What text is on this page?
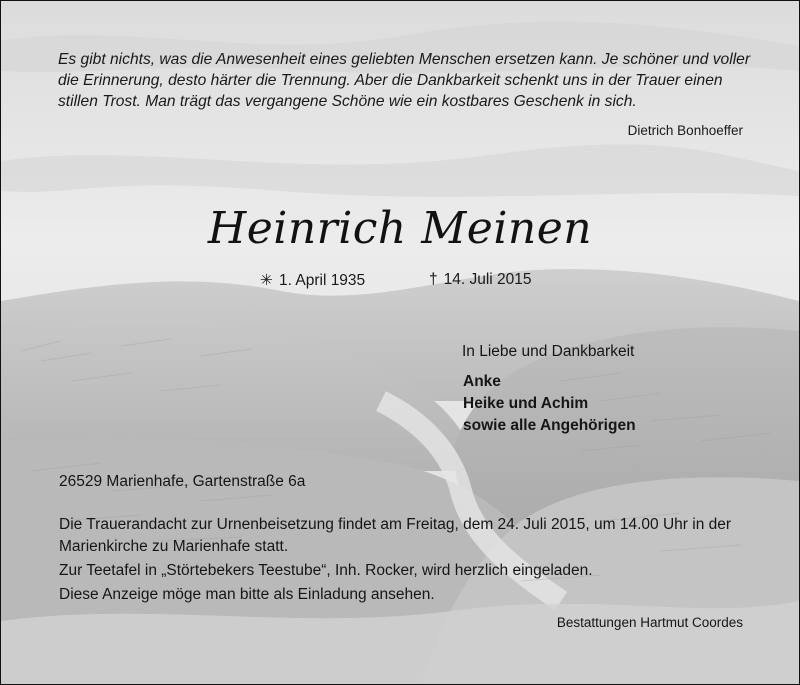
Es gibt nichts, was die Anwesenheit eines geliebten Menschen ersetzen kann. Je schöner und voller die Erinnerung, desto härter die Trennung. Aber die Dankbarkeit schenkt uns in der Trauer einen stillen Trost. Man trägt das vergangene Schöne wie ein kostbares Geschenk in sich.
Dietrich Bonhoeffer
Heinrich Meinen
✳ 1. April 1935	† 14. Juli 2015
In Liebe und Dankbarkeit
Anke
Heike und Achim
sowie alle Angehörigen
26529 Marienhafe, Gartenstraße 6a
Die Trauerandacht zur Urnenbeisetzung findet am Freitag, dem 24. Juli 2015, um 14.00 Uhr in der Marienkirche zu Marienhafe statt.
Zur Teetafel in „Störtebekers Teestube“, Inh. Rocker, wird herzlich eingeladen.
Diese Anzeige möge man bitte als Einladung ansehen.
Bestattungen Hartmut Coordes
